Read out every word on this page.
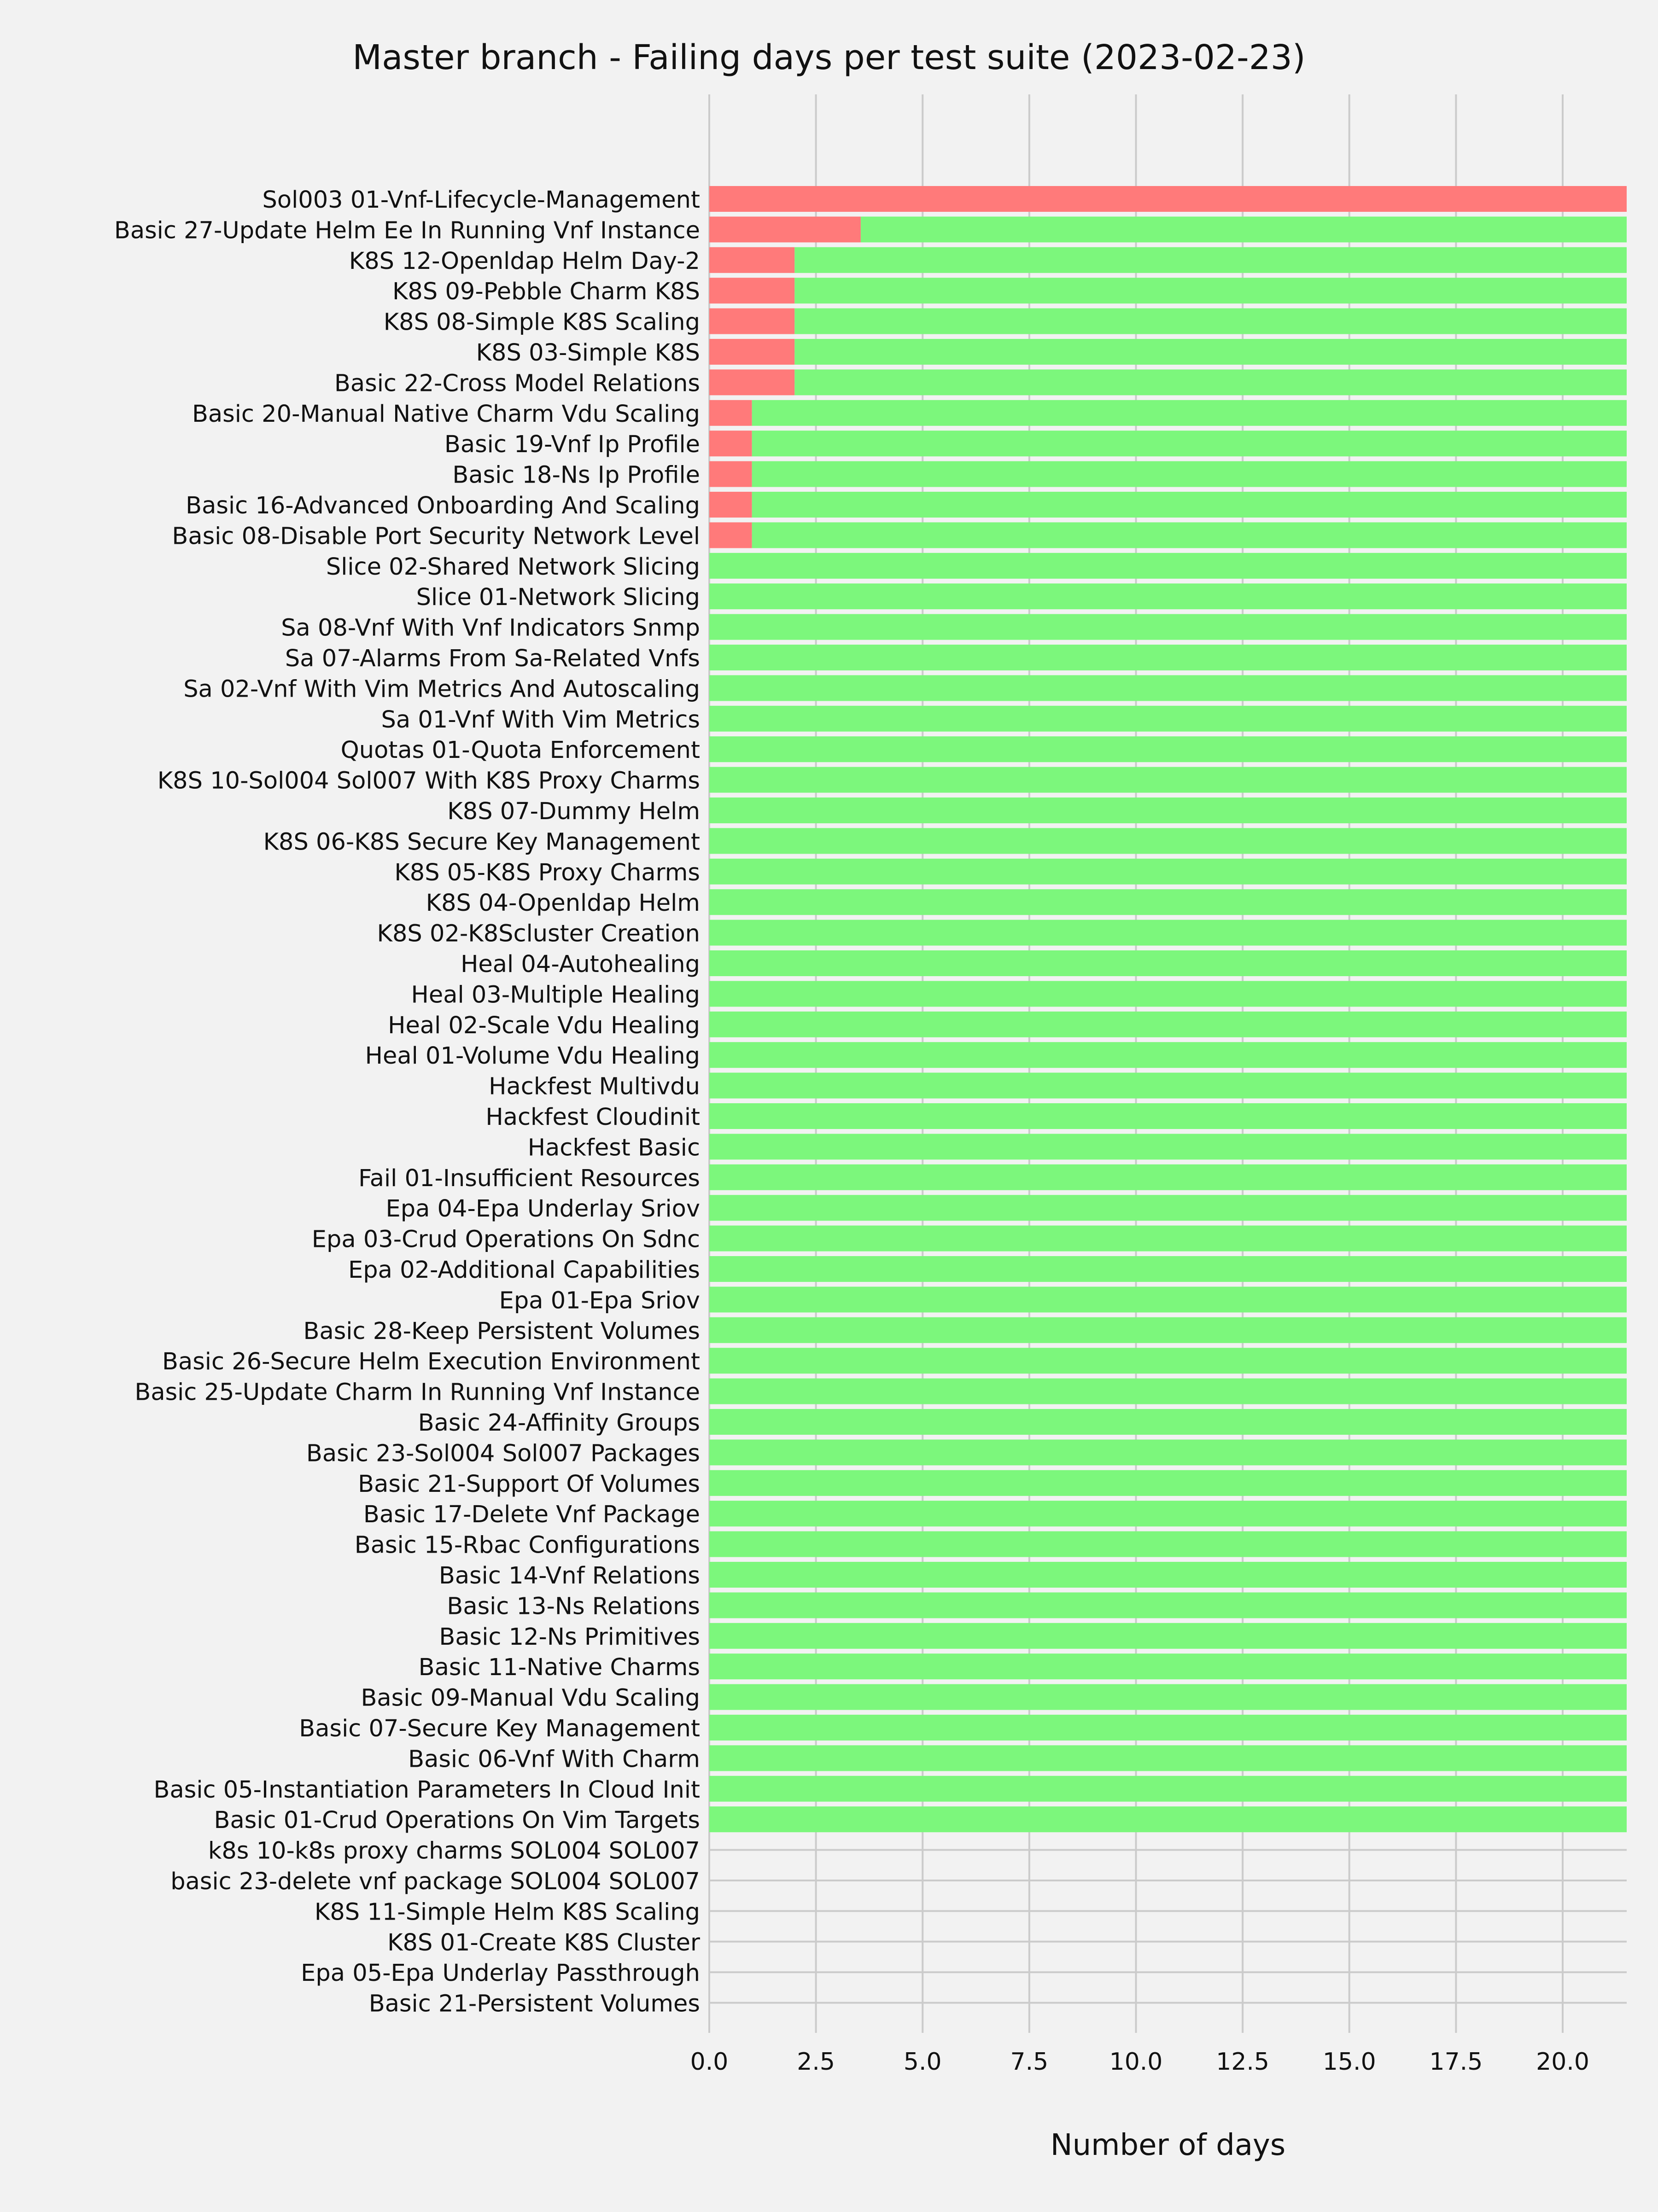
Sol003 01-Vnf-Lifecycle-Management
Basic 27-Update Helm Ee In Running Vnf Instance
K8S 12-Openldap Helm Day-2
K8S 09-Pebble Charm K8S
K8S 08-Simple K8S Scaling
K8S 03-Simple K8S
Basic 22-Cross Model Relations
Basic 20-Manual Native Charm Vdu Scaling
Basic 19-Vnf Ip Profile
Basic 18-Ns Ip Profile
Basic 16-Advanced Onboarding And Scaling
Basic 08-Disable Port Security Network Level
Slice 02-Shared Network Slicing
Slice 01-Network Slicing
Sa 08-Vnf With Vnf Indicators Snmp
Sa 07-Alarms From Sa-Related Vnfs
Sa 02-Vnf With Vim Metrics And Autoscaling
Sa 01-Vnf With Vim Metrics
Quotas 01-Quota Enforcement
K8S 10-Sol004 Sol007 With K8S Proxy Charms
K8S 07-Dummy Helm
K8S 06-K8S Secure Key Management
K8S 05-K8S Proxy Charms
K8S 04-Openldap Helm
K8S 02-K8Scluster Creation
Heal 04-Autohealing
Heal 03-Multiple Healing
Heal 02-Scale Vdu Healing
Heal 01-Volume Vdu Healing
Hackfest Multivdu
Hackfest Cloudinit
Hackfest Basic
Fail 01-Insufficient Resources
Epa 04-Epa Underlay Sriov
Epa 03-Crud Operations On Sdnc
Epa 02-Additional Capabilities
Epa 01-Epa Sriov
Basic 28-Keep Persistent Volumes
Basic 26-Secure Helm Execution Environment
Basic 25-Update Charm In Running Vnf Instance
Basic 24-Affinity Groups
Basic 23-Sol004 Sol007 Packages
Basic 21-Support Of Volumes
Basic 17-Delete Vnf Package
Basic 15-Rbac Configurations
Basic 14-Vnf Relations
Basic 13-Ns Relations
Basic 12-Ns Primitives
Basic 11-Native Charms
Basic 09-Manual Vdu Scaling
Basic 07-Secure Key Management
Basic 06-Vnf With Charm
Basic 05-Instantiation Parameters In Cloud Init
Basic 01-Crud Operations On Vim Targets
k8s 10-k8s proxy charms SOL004 SOL007
basic 23-delete vnf package SOL004 SOL007
K8S 11-Simple Helm K8S Scaling
K8S 01-Create K8S Cluster
Epa 05-Epa Underlay Passthrough
Basic 21-Persistent Volumes
0.0	2.5	5.0	7.5	10.0 12.5 15.0 17.5 20.0
Master branch - Failing days per test suite (2023-02-23)
Number of days
